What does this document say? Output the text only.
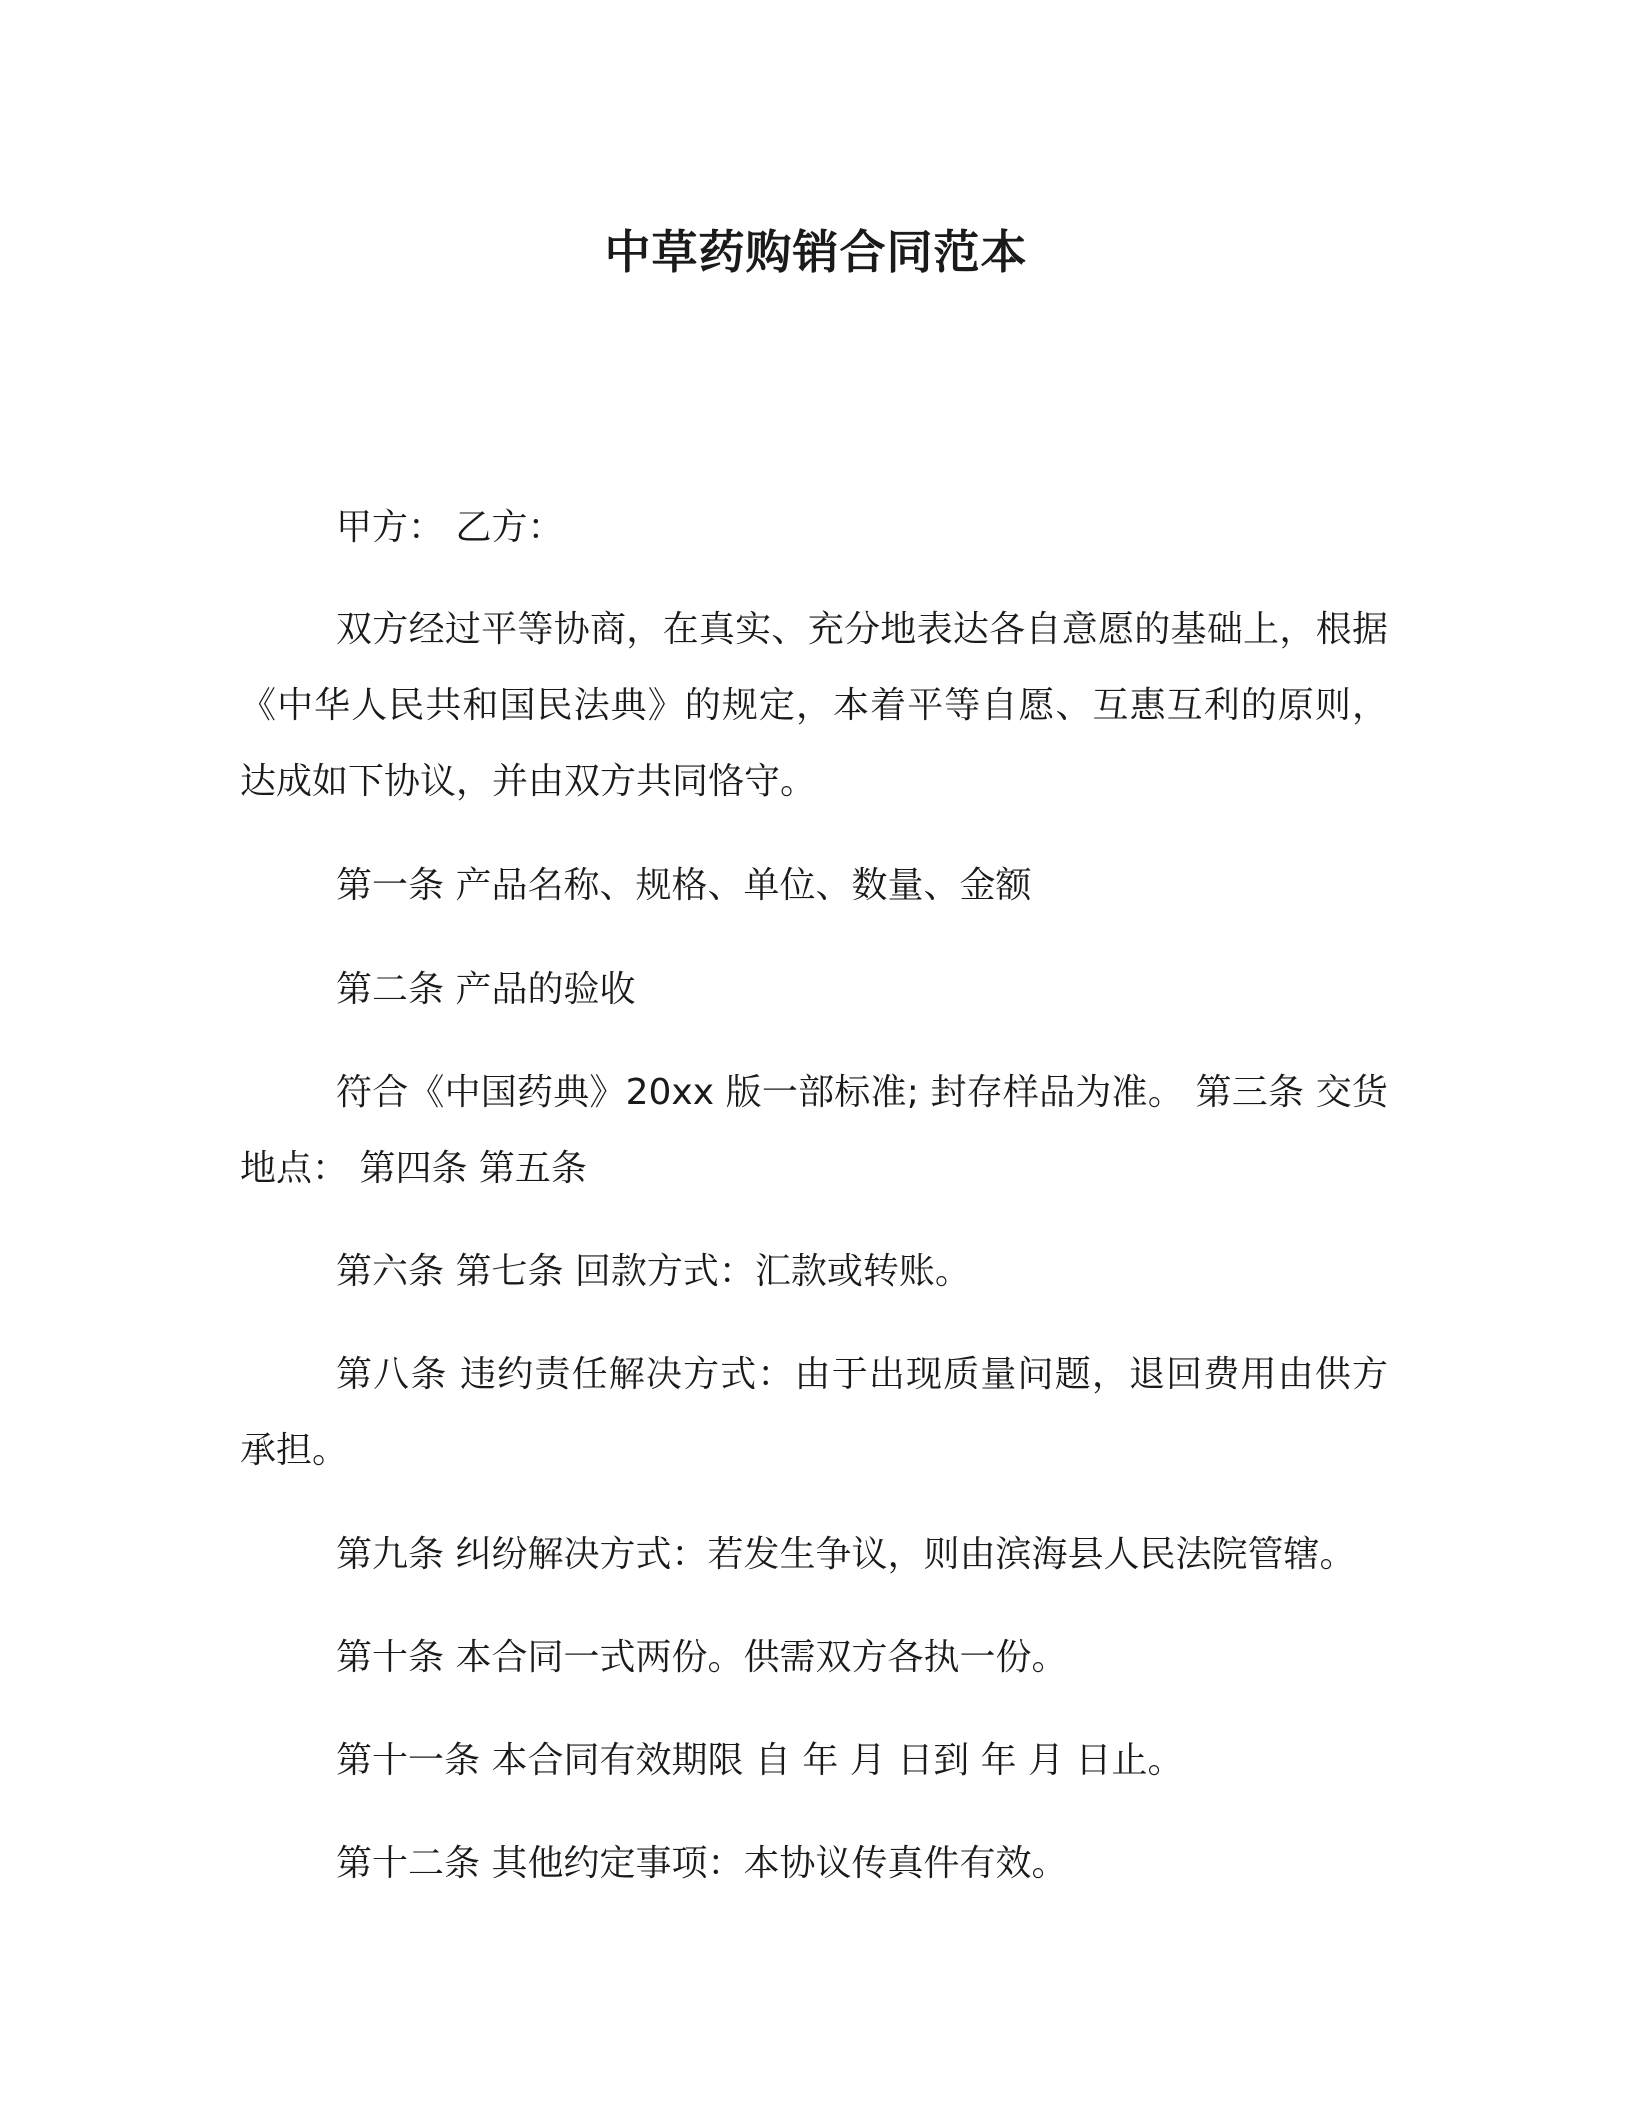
中草药购销合同范本

甲方： 乙方：

双方经过平等协商，在真实、充分地表达各自意愿的基础上，根据《中华人民共和国民法典》的规定，本着平等自愿、互惠互利的原则，达成如下协议，并由双方共同恪守。

第一条 产品名称、规格、单位、数量、金额

第二条 产品的验收

符合《中国药典》20xx 版一部标准; 封存样品为准。 第三条 交货地点： 第四条 第五条

第六条 第七条 回款方式：汇款或转账。

第八条 违约责任解决方式：由于出现质量问题，退回费用由供方承担。

第九条 纠纷解决方式：若发生争议，则由滨海县人民法院管辖。

第十条 本合同一式两份。供需双方各执一份。

第十一条 本合同有效期限 自 年 月 日到 年 月 日止。

第十二条 其他约定事项：本协议传真件有效。
